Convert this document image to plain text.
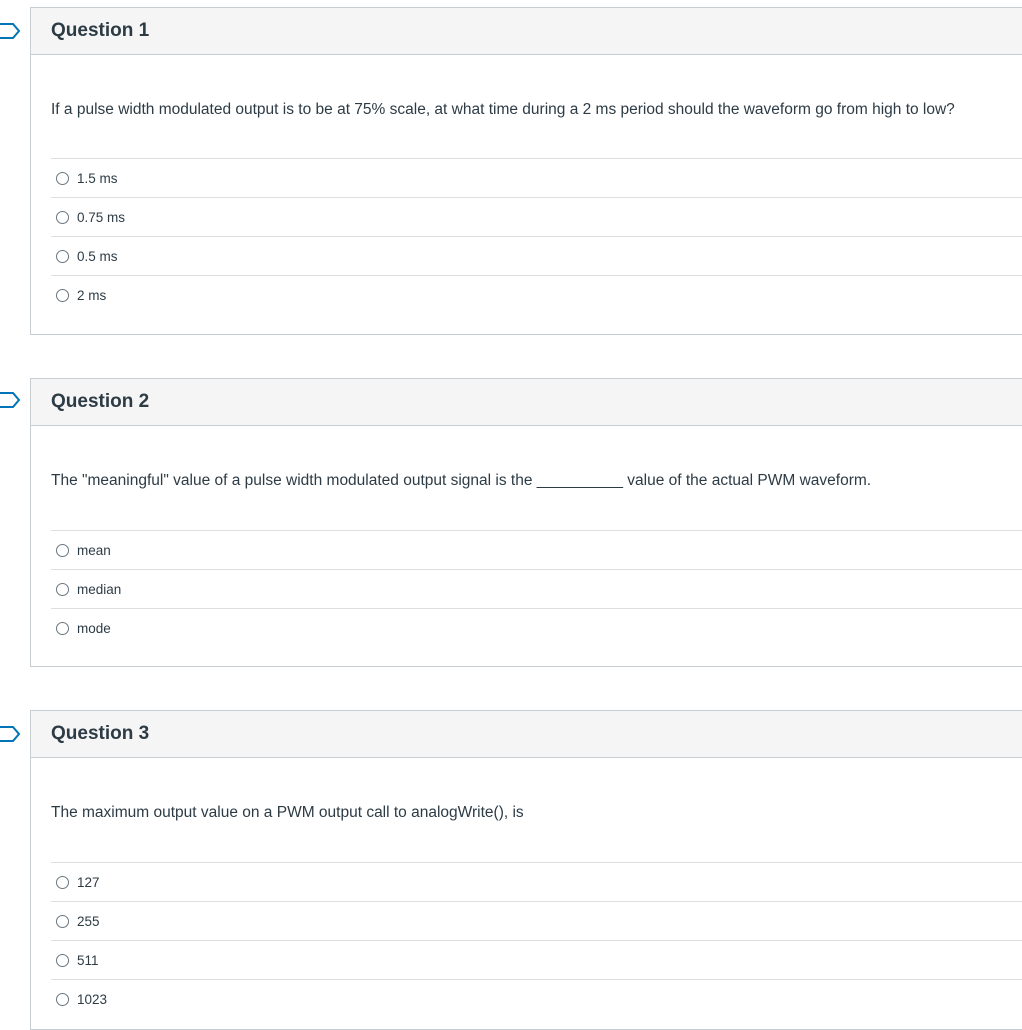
Question 1
If a pulse width modulated output is to be at 75% scale, at what time during a 2 ms period should the waveform go from high to low?
1.5 ms
0.75 ms
0.5 ms
2 ms
Question 2
The "meaningful" value of a pulse width modulated output signal is the __________ value of the actual PWM waveform.
mean
median
mode
Question 3
The maximum output value on a PWM output call to analogWrite(), is
127
255
511
1023
